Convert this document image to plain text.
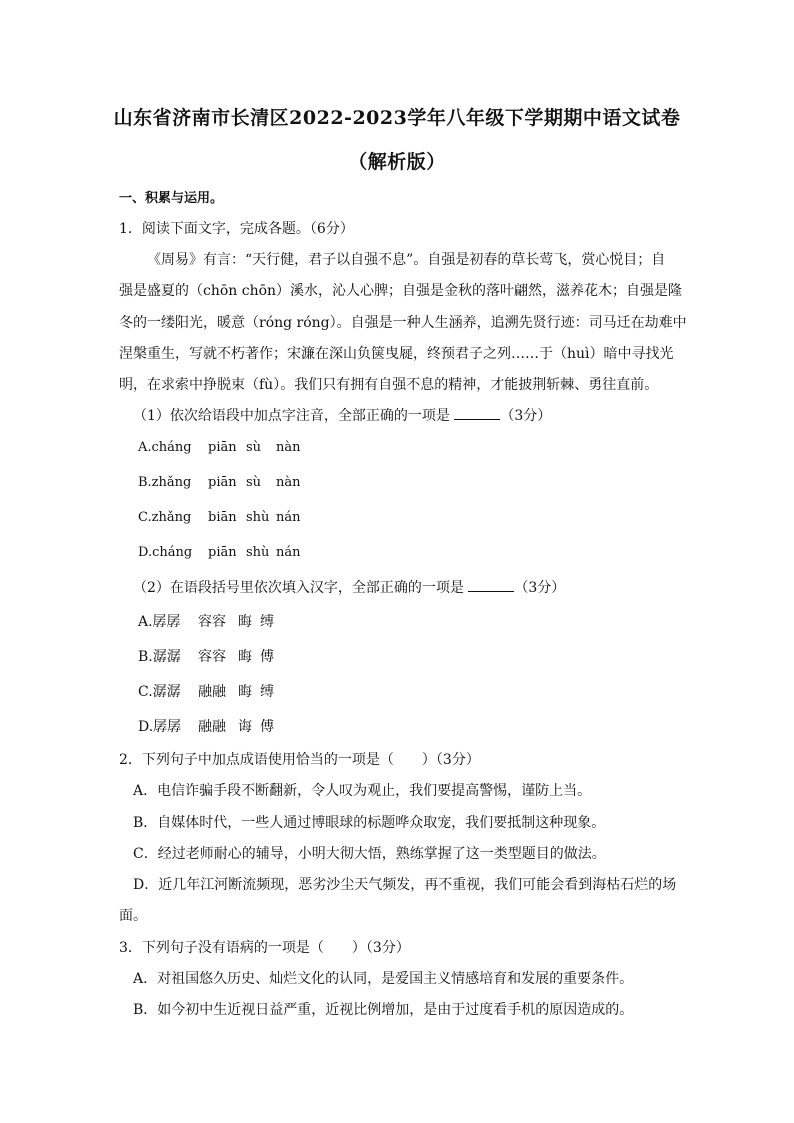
山东省济南市长清区2022-2023学年八年级下学期期中语文试卷
（解析版）
一、积累与运用。
1．阅读下面文字，完成各题。（6分）
《周易》有言：“天行健，君子以自强不息”。自强是初春的草长莺飞，赏心悦目；自
强是盛夏的（chōn chōn）溪水，沁人心脾；自强是金秋的落叶翩然，滋养花木；自强是隆
冬的一缕阳光，暖意（róng róng）。自强是一种人生涵养，追溯先贤行迹：司马迁在劫难中
涅槃重生，写就不朽著作；宋濂在深山负箧曳屣，终预君子之列……于（huì）暗中寻找光
明，在求索中挣脱束（fù）。我们只有拥有自强不息的精神，才能披荆斩棘、勇往直前。
（1）依次给语段中加点字注音，全部正确的一项是	（3分）
A.cháng piān sù nàn
B.zhǎng piān sù nàn
C.zhǎng biān shù nán
D.cháng piān shù nán
（2）在语段括号里依次填入汉字，全部正确的一项是	（3分）
A.孱孱 容容 晦 缚
B.潺潺 容容 晦 傅
C.潺潺 融融 晦 缚
D.孱孱 融融 诲 傅
2．下列句子中加点成语使用恰当的一项是（　　）（3分）
A．电信诈骗手段不断翻新，令人叹为观止，我们要提高警惕，谨防上当。
B．自媒体时代，一些人通过博眼球的标题哗众取宠，我们要抵制这种现象。
C．经过老师耐心的辅导，小明大彻大悟，熟练掌握了这一类型题目的做法。
D．近几年江河断流频现，恶劣沙尘天气频发，再不重视，我们可能会看到海枯石烂的场
面。
3．下列句子没有语病的一项是（　　）（3分）
A．对祖国悠久历史、灿烂文化的认同，是爱国主义情感培育和发展的重要条件。
B．如今初中生近视日益严重，近视比例增加，是由于过度看手机的原因造成的。
